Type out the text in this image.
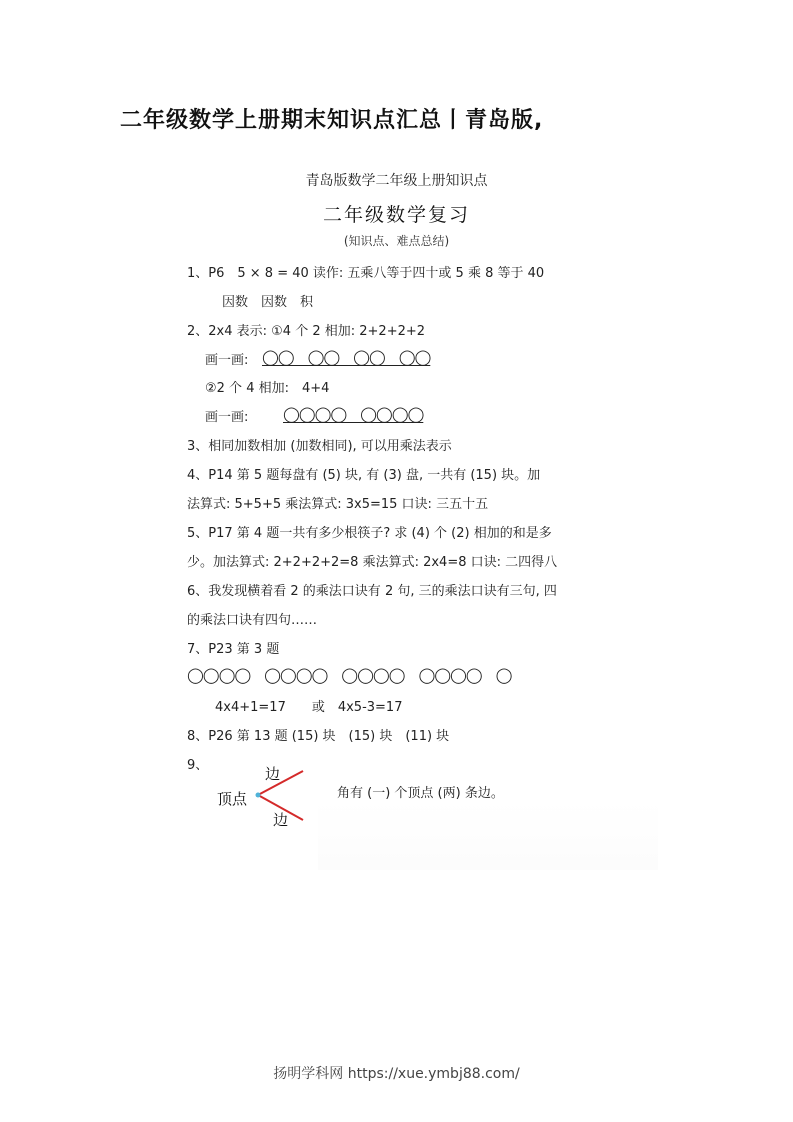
二年级数学上册期末知识点汇总丨青岛版,
青岛版数学二年级上册知识点
二年级数学复习
(知识点、难点总结)
1、P6　5 × 8 = 40 读作: 五乘八等于四十或 5 乘 8 等于 40
因数　因数　积
2、2x4 表示: ①4 个 2 相加: 2+2+2+2
画一画: ◯◯　◯◯　◯◯　◯◯
②2 个 4 相加:　4+4
画一画: ◯◯◯◯　◯◯◯◯
3、相同加数相加 (加数相同), 可以用乘法表示
4、P14 第 5 题每盘有 (5) 块, 有 (3) 盘, 一共有 (15) 块。加
法算式: 5+5+5 乘法算式: 3x5=15 口诀: 三五十五
5、P17 第 4 题一共有多少根筷子? 求 (4) 个 (2) 相加的和是多
少。加法算式: 2+2+2+2=8 乘法算式: 2x4=8 口诀: 二四得八
6、我发现横着看 2 的乘法口诀有 2 句, 三的乘法口诀有三句, 四
的乘法口诀有四句……
7、P23 第 3 题
◯◯◯◯　◯◯◯◯　◯◯◯◯　◯◯◯◯　◯
4x4+1=17　　或　4x5-3=17
8、P26 第 13 题 (15) 块　(15) 块　(11) 块
9、	边
顶点
边
角有 (一) 个顶点 (两) 条边。
扬明学科网 https://xue.ymbj88.com/
